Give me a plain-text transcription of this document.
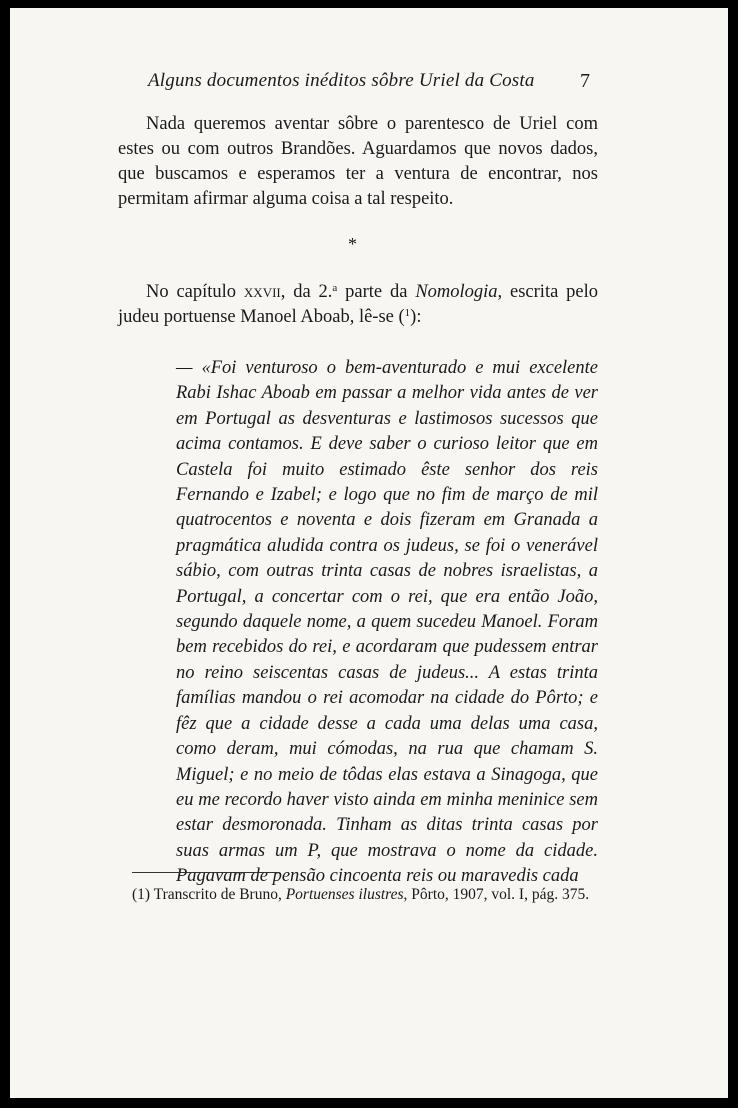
Alguns documentos inéditos sôbre Uriel da Costa 7

Nada queremos aventar sôbre o parentesco de Uriel com estes ou com outros Brandões. Aguardamos que novos dados, que buscamos e esperamos ter a ventura de encontrar, nos permitam afirmar alguma coisa a tal respeito.

*

No capítulo xxvii, da 2.$^a$ parte da Nomologia, escrita pelo judeu portuense Manoel Aboab, lê-se ($^1$):

— «Foi venturoso o bem-aventurado e mui excelente Rabi Ishac Aboab em passar a melhor vida antes de ver em Portugal as desventuras e lastimosos sucessos que acima contamos. E deve saber o curioso leitor que em Castela foi muito estimado êste senhor dos reis Fernando e Izabel; e logo que no fim de março de mil quatrocentos e noventa e dois fizeram em Granada a pragmática aludida contra os judeus, se foi o venerável sábio, com outras trinta casas de nobres israelistas, a Portugal, a concertar com o rei, que era então João, segundo daquele nome, a quem sucedeu Manoel. Foram bem recebidos do rei, e acordaram que pudessem entrar no reino seiscentas casas de judeus... A estas trinta famílias mandou o rei acomodar na cidade do Pôrto; e fêz que a cidade desse a cada uma delas uma casa, como deram, mui cómodas, na rua que chamam S. Miguel; e no meio de tôdas elas estava a Sinagoga, que eu me recordo haver visto ainda em minha meninice sem estar desmoronada. Tinham as ditas trinta casas por suas armas um P, que mostrava o nome da cidade. Pagavam de pensão cincoenta reis ou maravedis cada

(1) Transcrito de Bruno, Portuenses ilustres, Pôrto, 1907, vol. I, pág. 375.
